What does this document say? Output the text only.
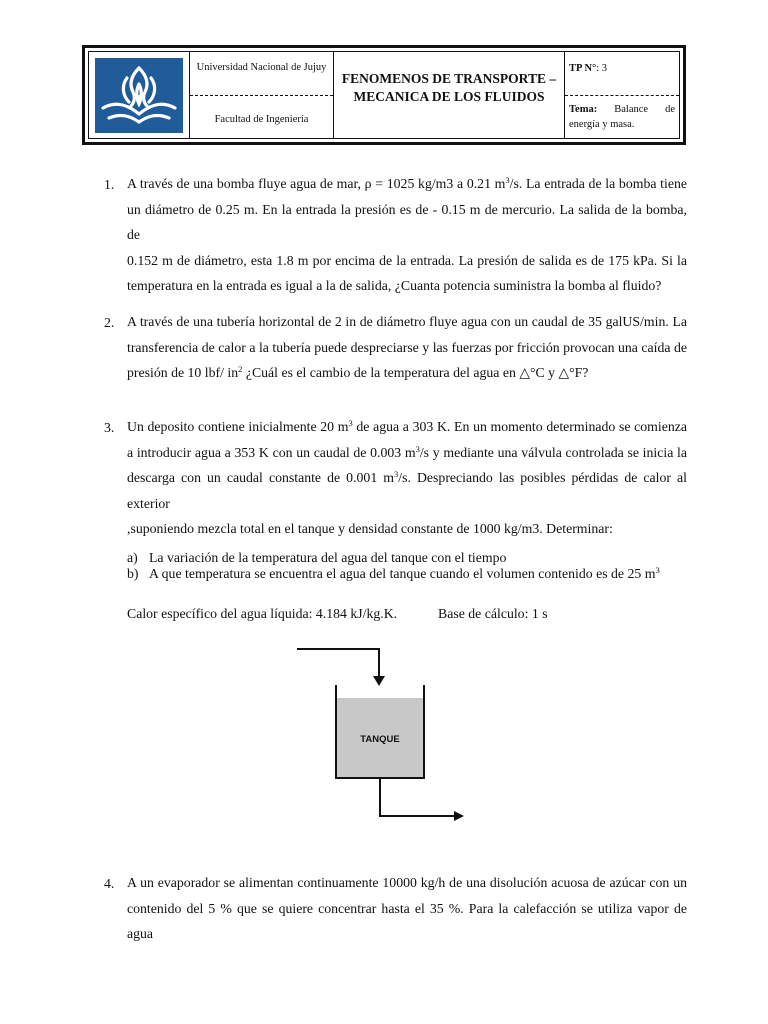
Universidad Nacional de Jujuy
Facultad de Ingeniería
FENOMENOS DE TRANSPORTE –
MECANICA DE LOS FLUIDOS
TP N°: 3
Tema: Balance de energía y masa.
1. A través de una bomba fluye agua de mar, ρ = 1025 kg/m3 a 0.21 $m^3/s$. La entrada de la bomba tiene
un diámetro de 0.25 m. En la entrada la presión es de - 0.15 m de mercurio. La salida de la bomba, de
0.152 m de diámetro, esta 1.8 m por encima de la entrada. La presión de salida es de 175 kPa. Si la
temperatura en la entrada es igual a la de salida, ¿Cuanta potencia suministra la bomba al fluido?
2. A través de una tubería horizontal de 2 in de diámetro fluye agua con un caudal de 35 galUS/min. La
transferencia de calor a la tubería puede despreciarse y las fuerzas por fricción provocan una caída de
presión de 10 lbf/ $in^2$ ¿Cuál es el cambio de la temperatura del agua en △°C y △°F?
3. Un deposito contiene inicialmente 20 $m^3$ de agua a 303 K. En un momento determinado se comienza
a introducir agua a 353 K con un caudal de 0.003 $m^3/s$ y mediante una válvula controlada se inicia la
descarga con un caudal constante de 0.001 $m^3/s$. Despreciando las posibles pérdidas de calor al exterior
,suponiendo mezcla total en el tanque y densidad constante de 1000 kg/m3. Determinar:
a) La variación de la temperatura del agua del tanque con el tiempo
b) A que temperatura se encuentra el agua del tanque cuando el volumen contenido es de 25 $m^3$
Calor específico del agua líquida: 4.184 kJ/kg.K.	Base de cálculo: 1 s
TANQUE
4. A un evaporador se alimentan continuamente 10000 kg/h de una disolución acuosa de azúcar con un
contenido del 5 % que se quiere concentrar hasta el 35 %. Para la calefacción se utiliza vapor de agua
